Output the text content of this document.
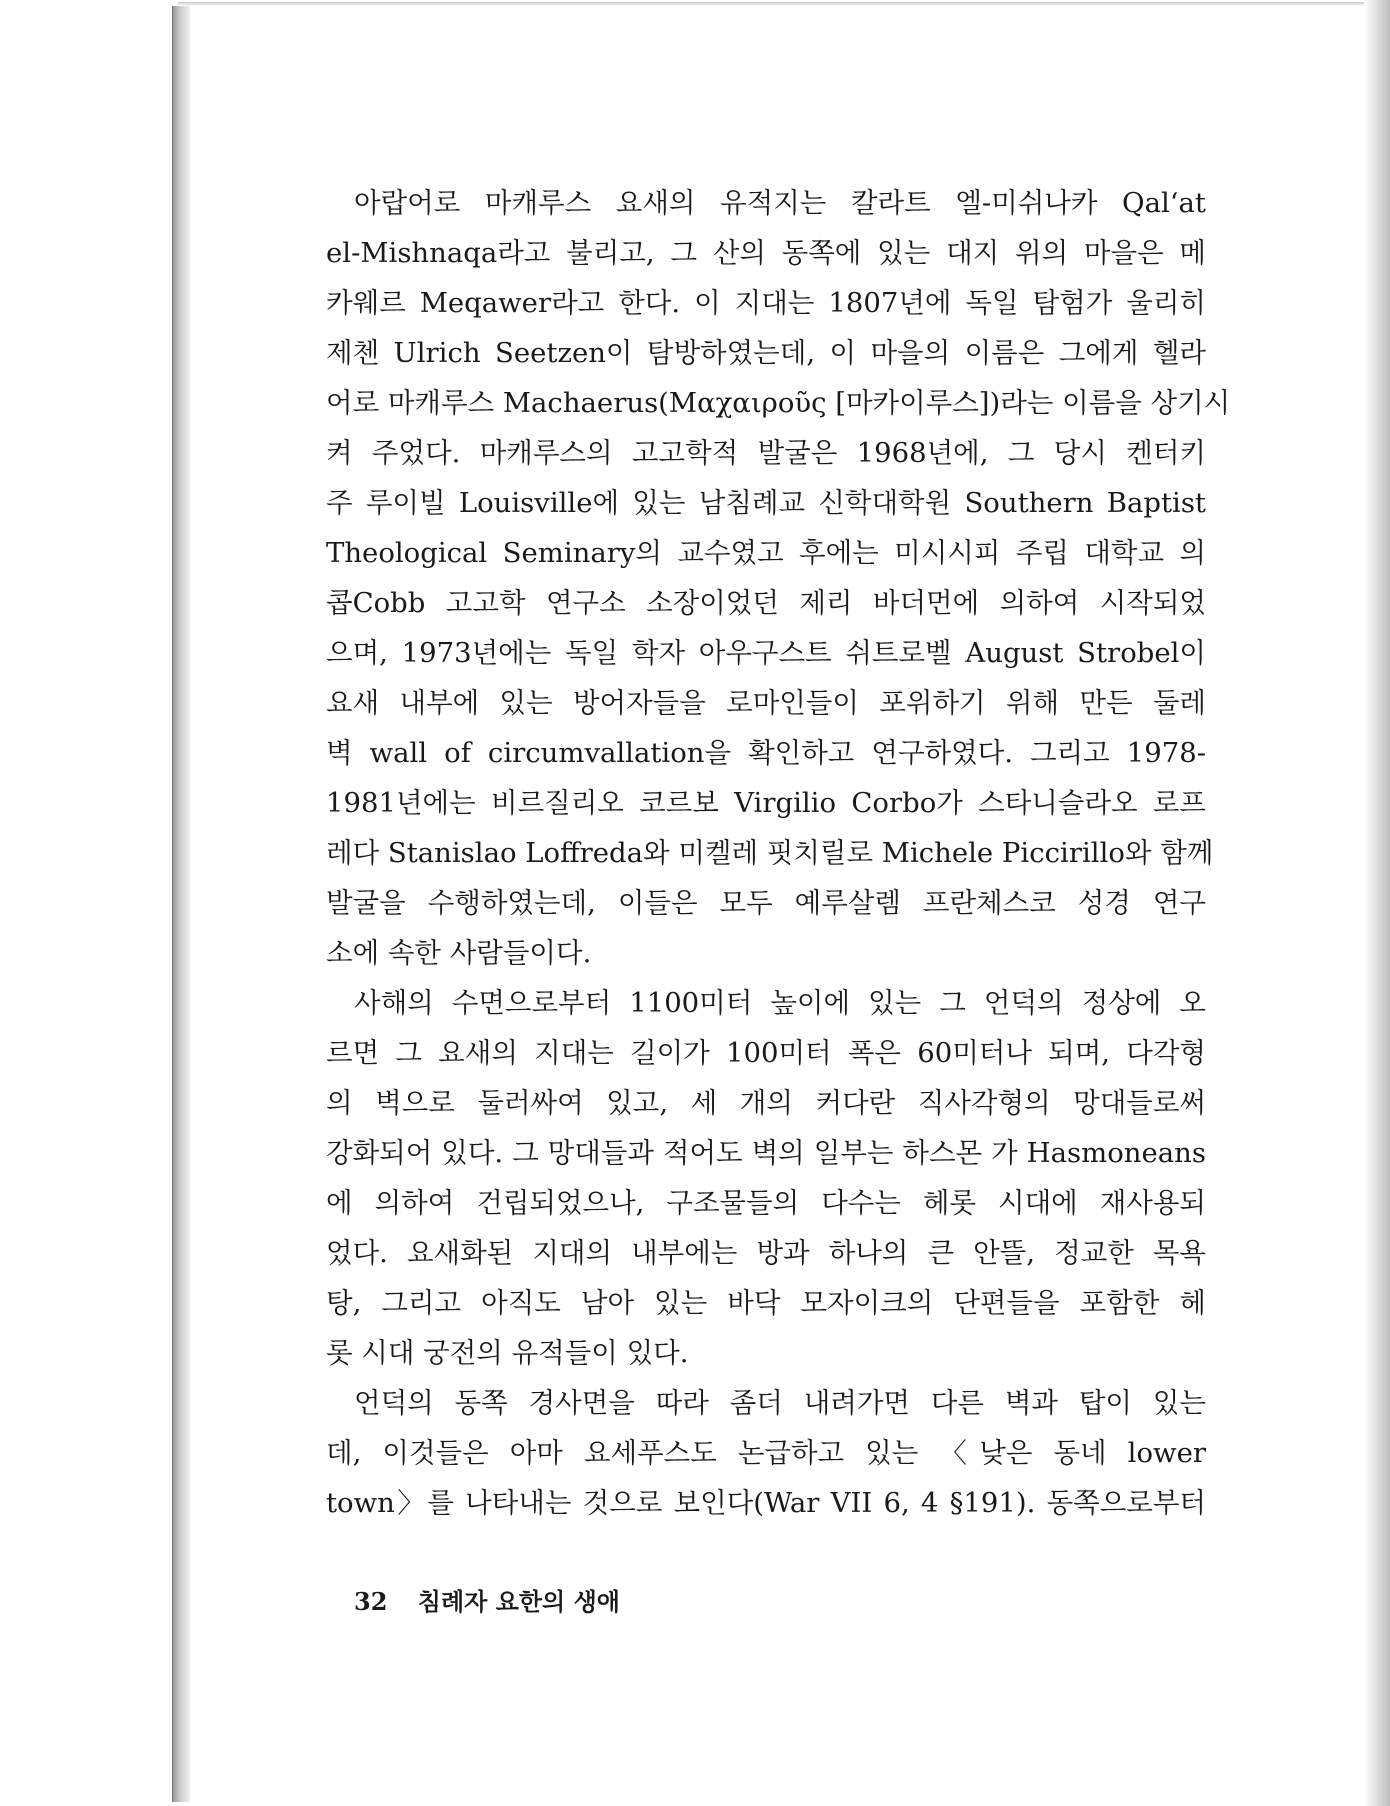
아랍어로 마캐루스 요새의 유적지는 칼라트 엘-미쉬나카 Qal‘at
el-Mishnaqa라고 불리고, 그 산의 동쪽에 있는 대지 위의 마을은 메
카웨르 Meqawer라고 한다. 이 지대는 1807년에 독일 탐험가 울리히
제첸 Ulrich Seetzen이 탐방하였는데, 이 마을의 이름은 그에게 헬라
어로 마캐루스 Machaerus(Μαχαιροῦς [마카이루스])라는 이름을 상기시
켜 주었다. 마캐루스의 고고학적 발굴은 1968년에, 그 당시 켄터키
주 루이빌 Louisville에 있는 남침례교 신학대학원 Southern Baptist
Theological Seminary의 교수였고 후에는 미시시피 주립 대학교 의
콥Cobb 고고학 연구소 소장이었던 제리 바더먼에 의하여 시작되었
으며, 1973년에는 독일 학자 아우구스트 쉬트로벨 August Strobel이
요새 내부에 있는 방어자들을 로마인들이 포위하기 위해 만든 둘레
벽 wall of circumvallation을 확인하고 연구하였다. 그리고 1978-
1981년에는 비르질리오 코르보 Virgilio Corbo가 스타니슬라오 로프
레다 Stanislao Loffreda와 미켈레 핏치릴로 Michele Piccirillo와 함께
발굴을 수행하였는데, 이들은 모두 예루살렘 프란체스코 성경 연구
소에 속한 사람들이다.

사해의 수면으로부터 1100미터 높이에 있는 그 언덕의 정상에 오
르면 그 요새의 지대는 길이가 100미터 폭은 60미터나 되며, 다각형
의 벽으로 둘러싸여 있고, 세 개의 커다란 직사각형의 망대들로써
강화되어 있다. 그 망대들과 적어도 벽의 일부는 하스몬 가 Hasmoneans
에 의하여 건립되었으나, 구조물들의 다수는 헤롯 시대에 재사용되
었다. 요새화된 지대의 내부에는 방과 하나의 큰 안뜰, 정교한 목욕
탕, 그리고 아직도 남아 있는 바닥 모자이크의 단편들을 포함한 헤
롯 시대 궁전의 유적들이 있다.

언덕의 동쪽 경사면을 따라 좀더 내려가면 다른 벽과 탑이 있는
데, 이것들은 아마 요세푸스도 논급하고 있는 〈낮은 동네 lower
town〉를 나타내는 것으로 보인다(War VII 6, 4 §191). 동쪽으로부터

32 침례자 요한의 생애
